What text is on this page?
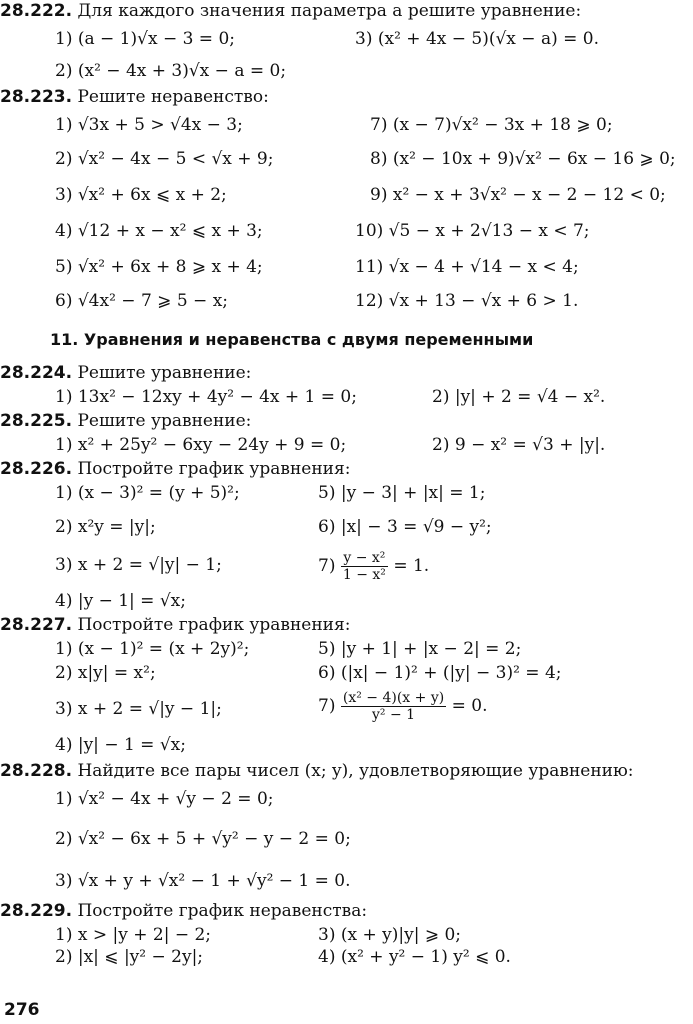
28.222. Для каждого значения параметра a решите уравнение:
1) (a − 1)√x − 3 = 0;	3) (x² + 4x − 5)(√x − a) = 0.
2) (x² − 4x + 3)√x − a = 0;
28.223. Решите неравенство:
1) √3x + 5 > √4x − 3;	7) (x − 7)√x² − 3x + 18 ⩾ 0;
2) √x² − 4x − 5 < √x + 9;	8) (x² − 10x + 9)√x² − 6x − 16 ⩾ 0;
3) √x² + 6x ⩽ x + 2;	9) x² − x + 3√x² − x − 2 − 12 < 0;
4) √12 + x − x² ⩽ x + 3;	10) √5 − x + 2√13 − x < 7;
5) √x² + 6x + 8 ⩾ x + 4;	11) √x − 4 + √14 − x < 4;
6) √4x² − 7 ⩾ 5 − x;	12) √x + 13 − √x + 6 > 1.
11. Уравнения и неравенства с двумя переменными
28.224. Решите уравнение:
1) 13x² − 12xy + 4y² − 4x + 1 = 0;	2) |y| + 2 = √4 − x².
28.225. Решите уравнение:
1) x² + 25y² − 6xy − 24y + 9 = 0;	2) 9 − x² = √3 + |y|.
28.226. Постройте график уравнения:
1) (x − 3)² = (y + 5)²;	5) |y − 3| + |x| = 1;
2) x²y = |y|;	6) |x| − 3 = √9 − y²;
3) x + 2 = √|y| − 1;	$7) \frac{\text{y − x²}}{\text{1 − x²}} = 1$.
4) |y − 1| = √x;
28.227. Постройте график уравнения:
1) (x − 1)² = (x + 2y)²;	5) |y + 1| + |x − 2| = 2;
2) x|y| = x²;	6) (|x| − 1)² + (|y| − 3)² = 4;
3) x + 2 = √|y − 1|;	$7) \frac{\text{(x² − 4)(x + y)}}{\text{y² − 1}} = 0$.
4) |y| − 1 = √x;
28.228. Найдите все пары чисел (x; y), удовлетворяющие уравнению:
1) √x² − 4x + √y − 2 = 0;
2) √x² − 6x + 5 + √y² − y − 2 = 0;
3) √x + y + √x² − 1 + √y² − 1 = 0.
28.229. Постройте график неравенства:
1) x > |y + 2| − 2;	3) (x + y)|y| ⩾ 0;
2) |x| ⩽ |y² − 2y|;	4) (x² + y² − 1) y² ⩽ 0.
276
